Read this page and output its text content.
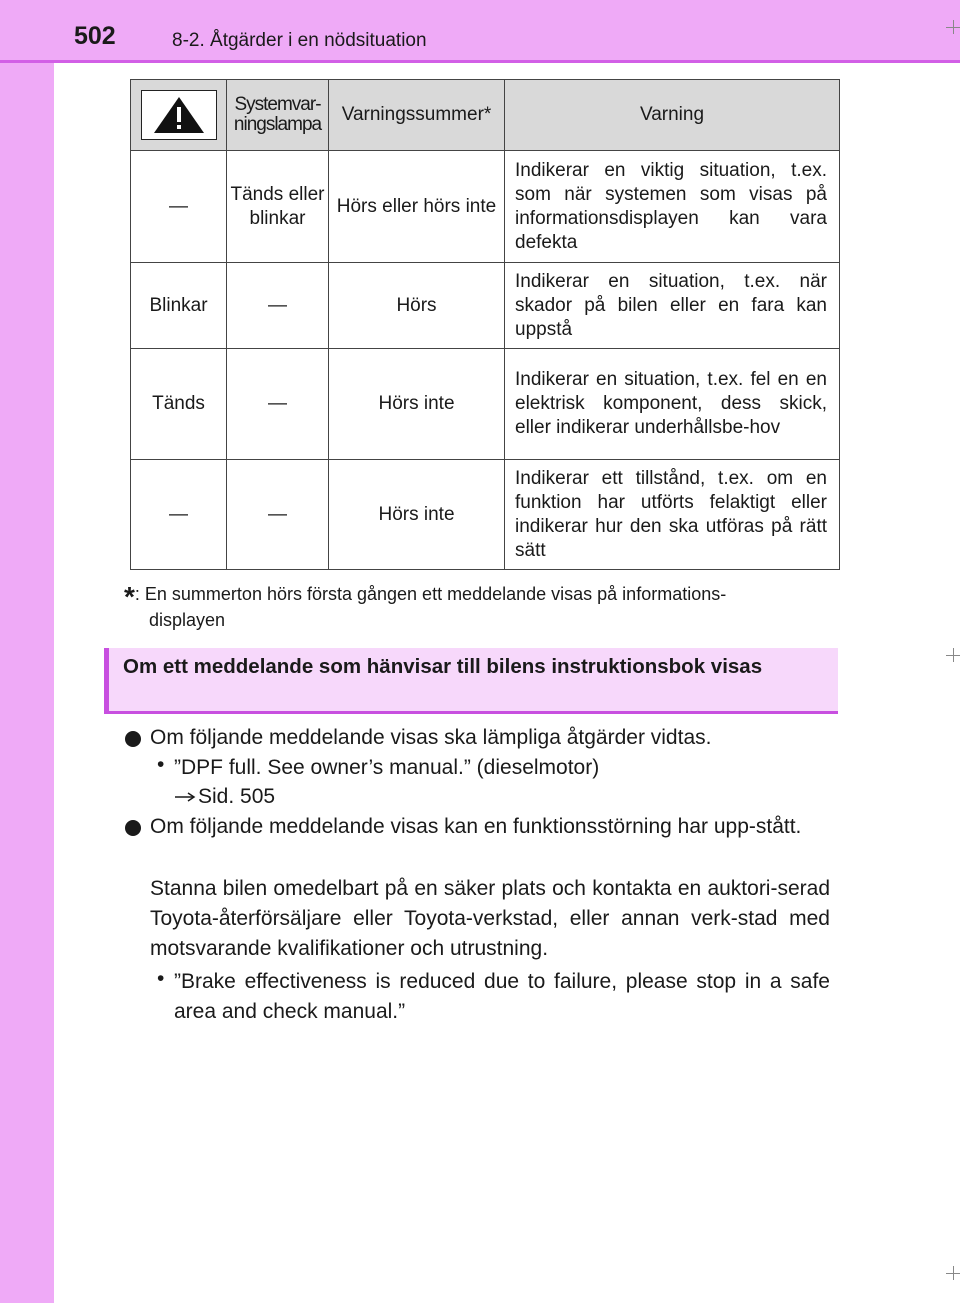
502	8-2. Åtgärder i en nödsituation
	Systemvar-ningslampa	Varningssummer*	Varning
—	Tänds eller blinkar	Hörs eller hörs inte	Indikerar en viktig situation, t.ex. som när systemen som visas på informationsdisplayen kan vara defekta
Blinkar	—	Hörs	Indikerar en situation, t.ex. när skador på bilen eller en fara kan uppstå
Tänds	—	Hörs inte	Indikerar en situation, t.ex. fel en en elektrisk komponent, dess skick, eller indikerar underhållsbe-hov
—	—	Hörs inte	Indikerar ett tillstånd, t.ex. om en funktion har utförts felaktigt eller indikerar hur den ska utföras på rätt sätt
*: En summerton hörs första gången ett meddelande visas på informations-
displayen
Om ett meddelande som hänvisar till bilens instruktionsbok visas
Om följande meddelande visas ska lämpliga åtgärder vidtas.
• ”DPF full. See owner’s manual.” (dieselmotor)
Sid. 505
Om följande meddelande visas kan en funktionsstörning har upp-stått.
Stanna bilen omedelbart på en säker plats och kontakta en auktori-serad Toyota-återförsäljare eller Toyota-verkstad, eller annan verk-stad med motsvarande kvalifikationer och utrustning.
• ”Brake effectiveness is reduced due to failure, please stop in a safe area and check manual.”
